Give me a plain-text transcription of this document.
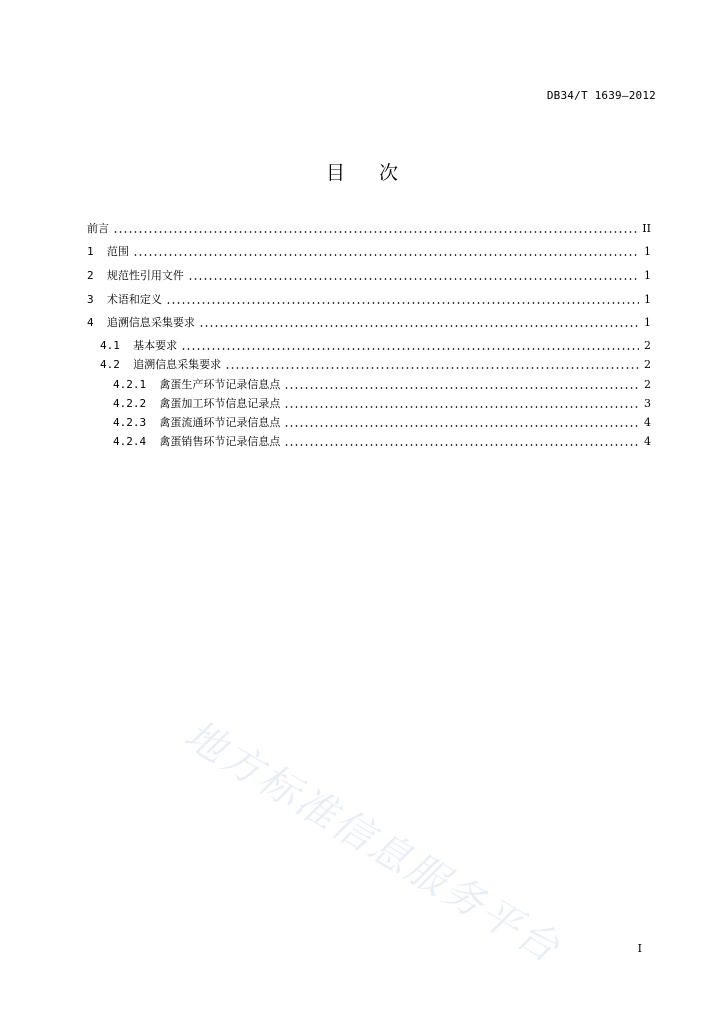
DB34/T 1639—2012
目 次
前言	II
1 范围	1
2 规范性引用文件	1
3 术语和定义	1
4 追溯信息采集要求	1
4.1 基本要求	2
4.2 追溯信息采集要求	2
4.2.1 禽蛋生产环节记录信息点	2
4.2.2 禽蛋加工环节信息记录点	3
4.2.3 禽蛋流通环节记录信息点	4
4.2.4 禽蛋销售环节记录信息点	4
地方标准信息服务平台	I
